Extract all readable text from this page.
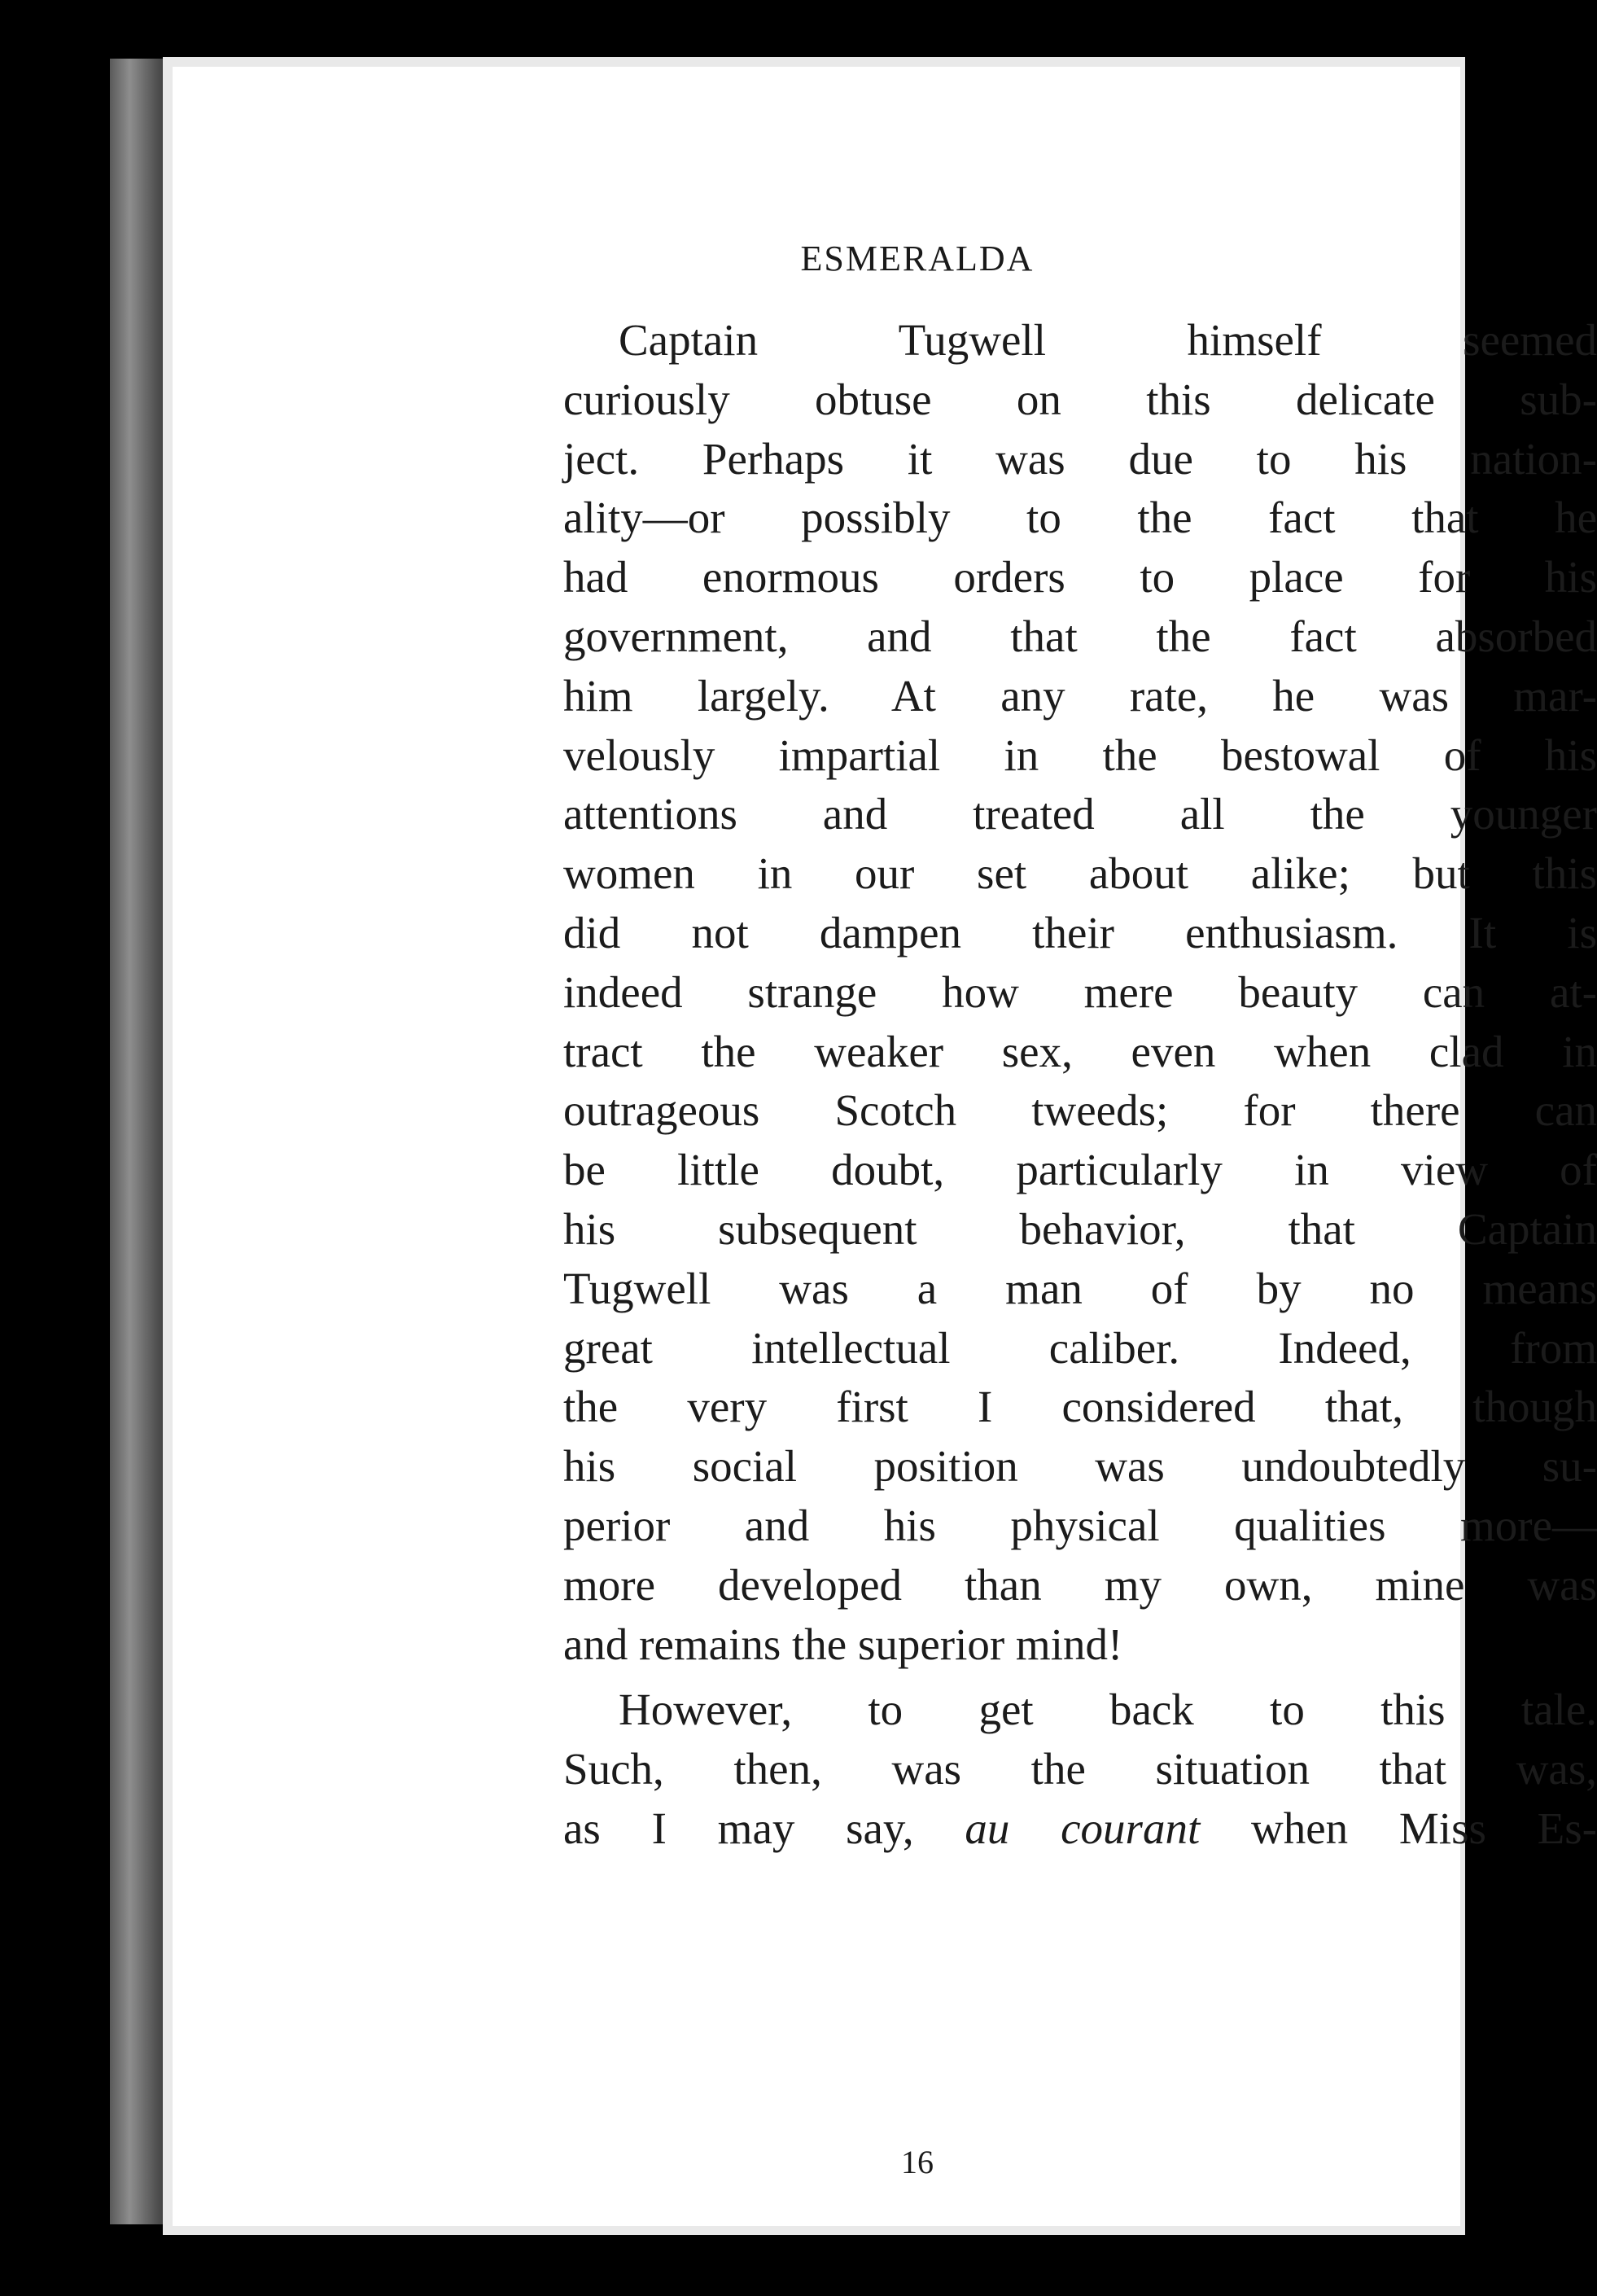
ESMERALDA
Captain Tugwell himself seemed
curiously obtuse on this delicate sub-
ject. Perhaps it was due to his nation-
ality—or possibly to the fact that he
had enormous orders to place for his
government, and that the fact absorbed
him largely. At any rate, he was mar-
velously impartial in the bestowal of his
attentions and treated all the younger
women in our set about alike; but this
did not dampen their enthusiasm. It is
indeed strange how mere beauty can at-
tract the weaker sex, even when clad in
outrageous Scotch tweeds; for there can
be little doubt, particularly in view of
his subsequent behavior, that Captain
Tugwell was a man of by no means
great intellectual caliber. Indeed, from
the very first I considered that, though
his social position was undoubtedly su-
perior and his physical qualities more—
more developed than my own, mine was
and remains the superior mind!
However, to get back to this tale.
Such, then, was the situation that was,
as I may say, au courant when Miss Es-
16
